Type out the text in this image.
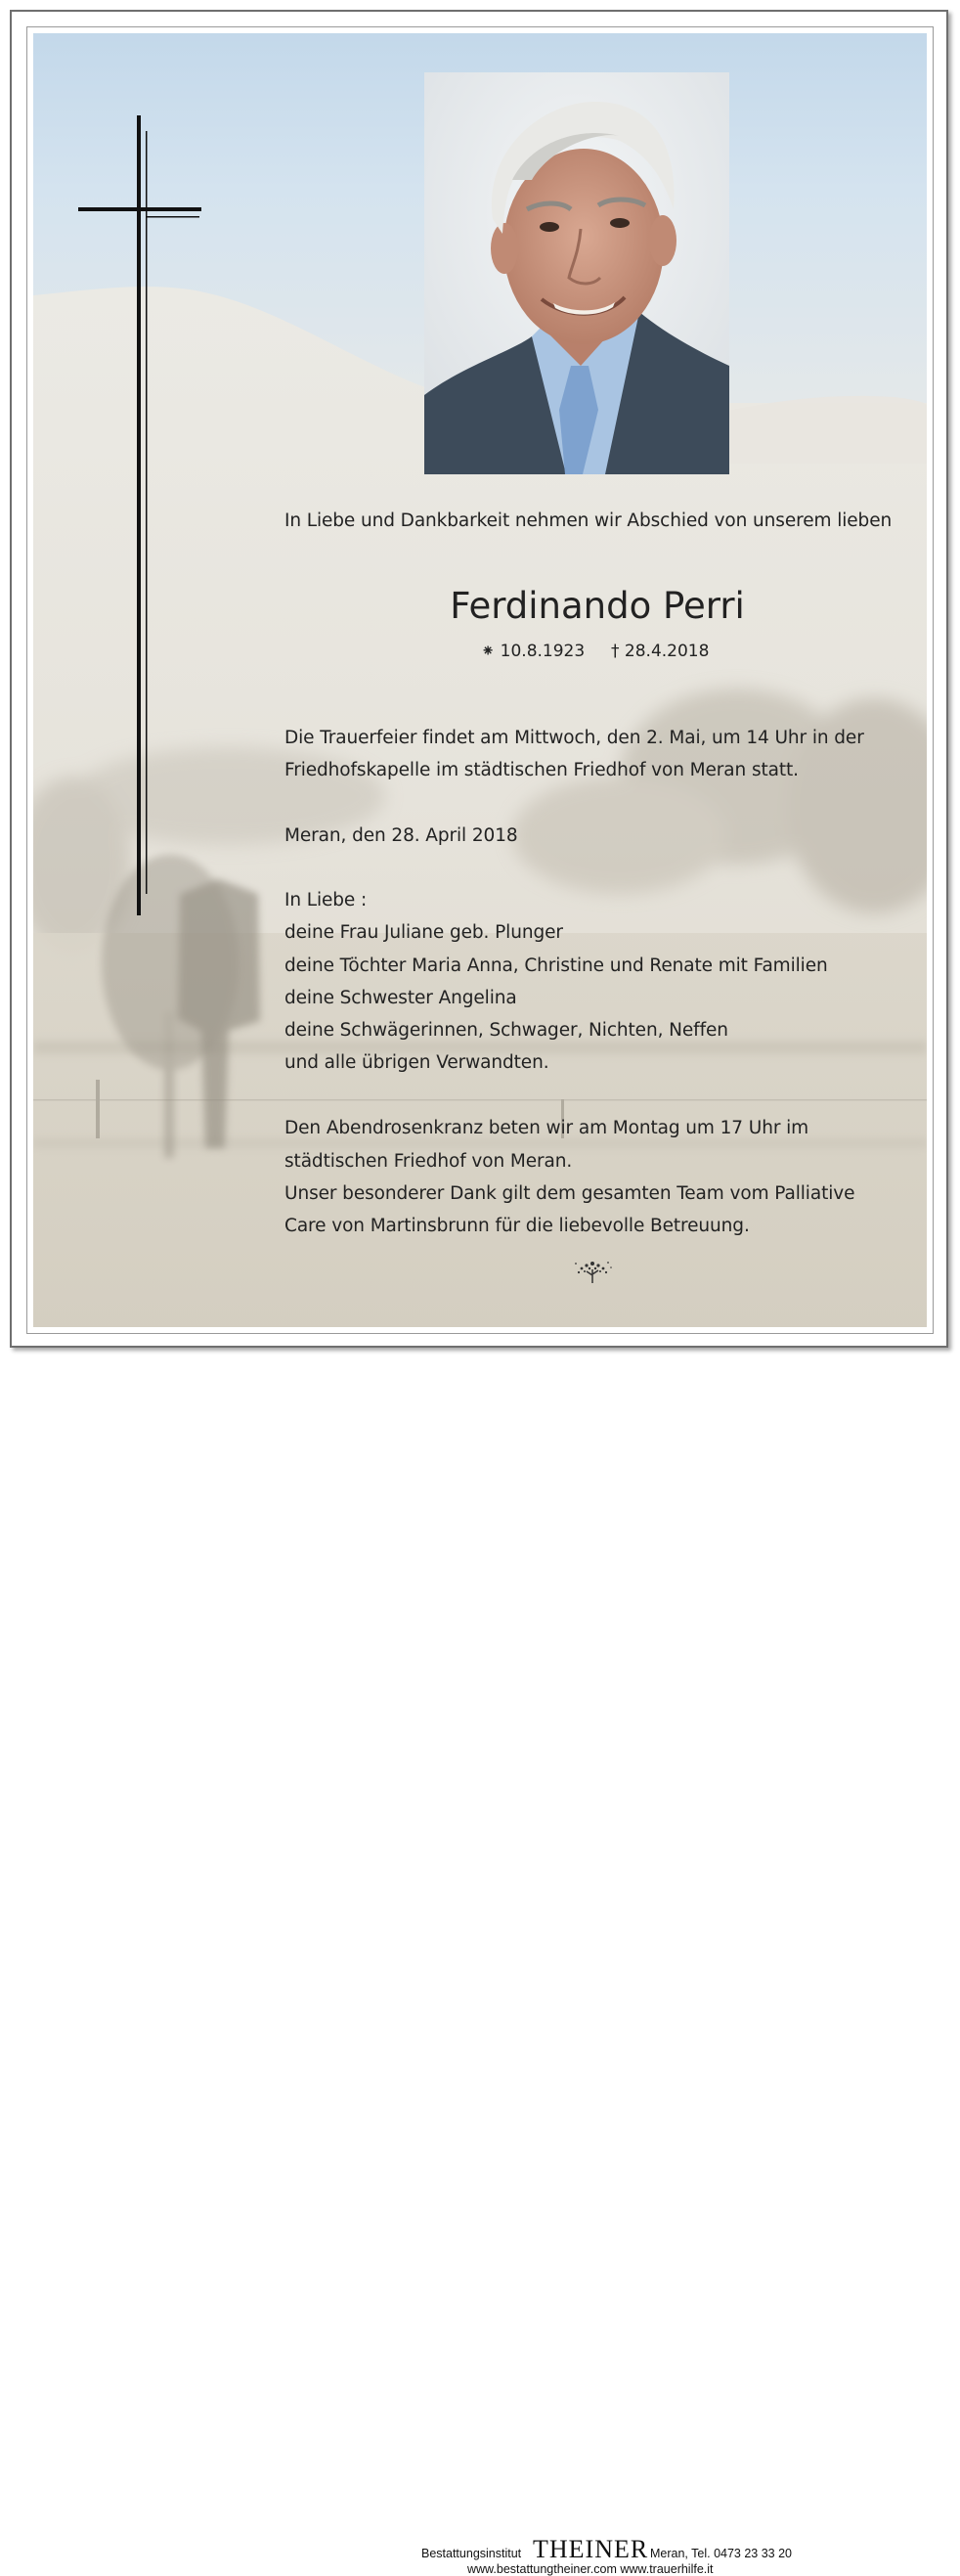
In Liebe und Dankbarkeit nehmen wir Abschied von unserem lieben
Ferdinando Perri
⁕ 10.8.1923 † 28.4.2018
Die Trauerfeier findet am Mittwoch, den 2. Mai, um 14 Uhr in der
Friedhofskapelle im städtischen Friedhof von Meran statt.
Meran, den 28. April 2018
In Liebe :
deine Frau Juliane geb. Plunger
deine Töchter Maria Anna, Christine und Renate mit Familien
deine Schwester Angelina
deine Schwägerinnen, Schwager, Nichten, Neffen
und alle übrigen Verwandten.
Den Abendrosenkranz beten wir am Montag um 17 Uhr im
städtischen Friedhof von Meran.
Unser besonderer Dank gilt dem gesamten Team vom Palliative
Care von Martinsbrunn für die liebevolle Betreuung.
Bestattungsinstitut THEINER Meran, Tel. 0473 23 33 20
www.bestattungtheiner.com www.trauerhilfe.it
